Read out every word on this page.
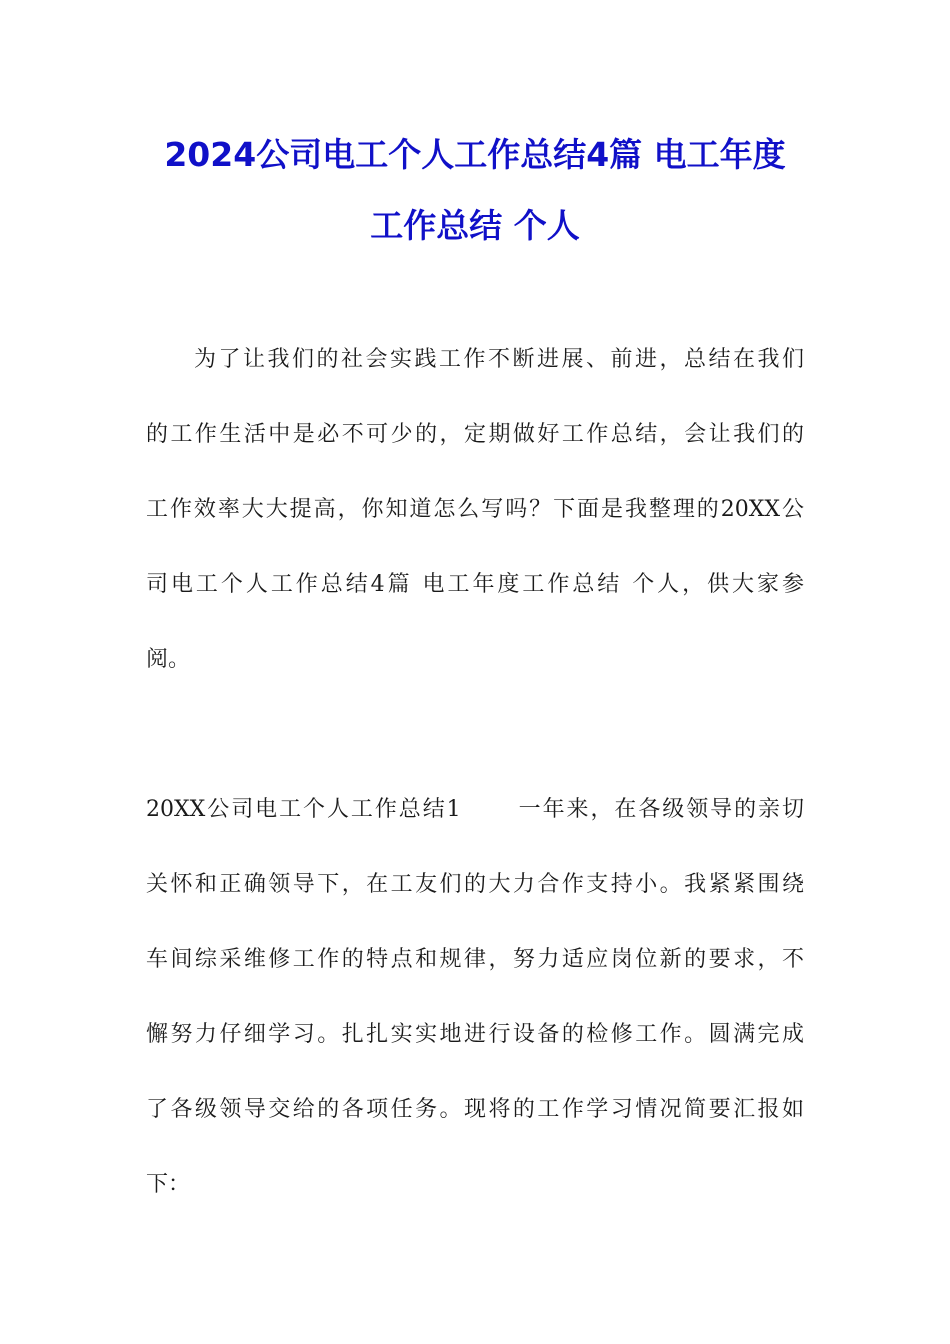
2024公司电工个人工作总结4篇 电工年度
工作总结 个人

为了让我们的社会实践工作不断进展、前进，总结在我们

的工作生活中是必不可少的，定期做好工作总结，会让我们的

工作效率大大提高，你知道怎么写吗？下面是我整理的20XX公

司电工个人工作总结4篇 电工年度工作总结 个人，供大家参

阅。

20XX公司电工个人工作总结1	一年来，在各级领导的亲切

关怀和正确领导下，在工友们的大力合作支持小。我紧紧围绕

车间综采维修工作的特点和规律，努力适应岗位新的要求，不

懈努力仔细学习。扎扎实实地进行设备的检修工作。圆满完成

了各级领导交给的各项任务。现将的工作学习情况简要汇报如

下：
